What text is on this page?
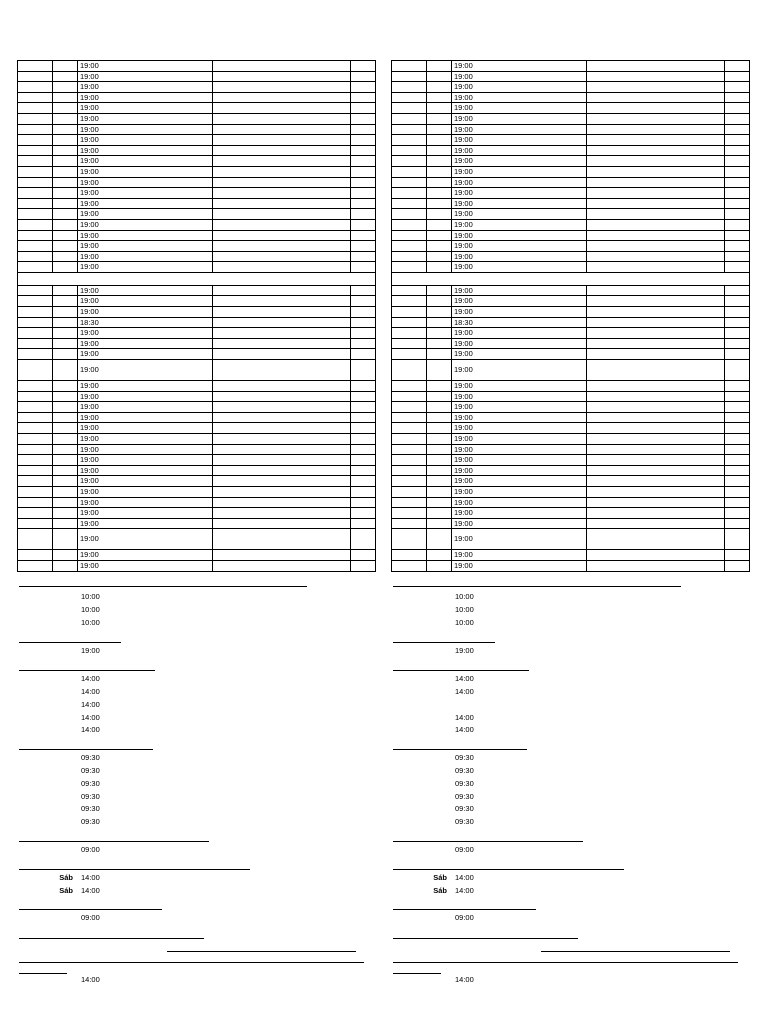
		19:00		
		19:00		
		19:00		
		19:00		
		19:00		
		19:00		
		19:00		
		19:00		
		19:00		
		19:00		
		19:00		
		19:00		
		19:00		
		19:00		
		19:00		
		19:00		
		19:00		
		19:00		
		19:00		
		19:00		

		19:00		
		19:00		
		19:00		
		18:30		
		19:00		
		19:00		
		19:00		
		19:00		
		19:00		
		19:00		
		19:00		
		19:00		
		19:00		
		19:00		
		19:00		
		19:00		
		19:00		
		19:00		
		19:00		
		19:00		
		19:00		
		19:00		
		19:00		
		19:00		
		19:00		
		19:00		
		19:00		
		19:00		
		19:00		
		19:00		
		19:00		
		19:00		
		19:00		
		19:00		
		19:00		
		19:00		
		19:00		
		19:00		
		19:00		
		19:00		
		19:00		
		19:00		
		19:00		
		19:00		
		19:00		

		19:00		
		19:00		
		19:00		
		18:30		
		19:00		
		19:00		
		19:00		
		19:00		
		19:00		
		19:00		
		19:00		
		19:00		
		19:00		
		19:00		
		19:00		
		19:00		
		19:00		
		19:00		
		19:00		
		19:00		
		19:00		
		19:00		
		19:00		
		19:00		
		19:00		
10:00
10:00
10:00
19:00
14:00
14:00
14:00
14:00
14:00
09:30
09:30
09:30
09:30
09:30
09:30
09:00
Sáb 14:00
Sáb 14:00
09:00
14:00
10:00
10:00
10:00
19:00
14:00
14:00
14:00
14:00
09:30
09:30
09:30
09:30
09:30
09:30
09:00
Sáb 14:00
Sáb 14:00
09:00
14:00
